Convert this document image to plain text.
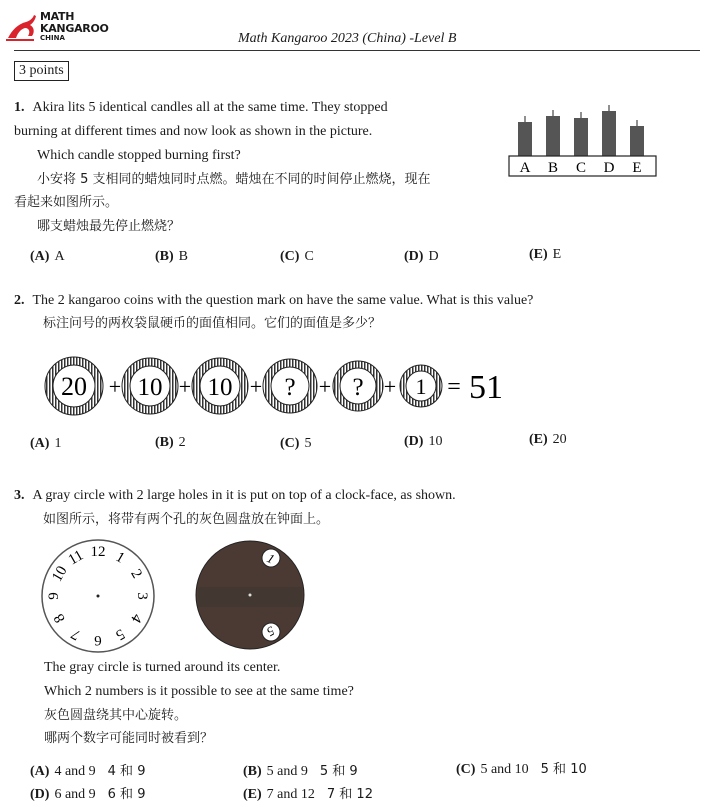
MATH
KANGAROO
CHINA	Math Kangaroo 2023 (China) -Level B
3 points
1. Akira lits 5 identical candles all at the same time. They stopped
burning at different times and now look as shown in the picture.
Which candle stopped burning first?
小安将 5 支相同的蜡烛同时点燃。蜡烛在不同的时间停止燃烧，现在
看起来如图所示。
哪支蜡烛最先停止燃烧？
A B C D E
(A) A	(B) B	(C) C	(D) D	(E) E
2. The 2 kangaroo coins with the question mark on have the same value. What is this value?
标注问号的两枚袋鼠硬币的面值相同。它们的面值是多少？
20 + 10 + 10 + ? + ? + 1 = 51
(A) 1	(B) 2	(C) 5	(D) 10	(E) 20
3. A gray circle with 2 large holes in it is put on top of a clock-face, as shown.
如图所示，将带有两个孔的灰色圆盘放在钟面上。
12 1
2
3
4
5
6
7
8
9
10
11	1
5
The gray circle is turned around its center.
Which 2 numbers is it possible to see at the same time?
灰色圆盘绕其中心旋转。
哪两个数字可能同时被看到？
(A) 4 and 9 4 和 9	(B) 5 and 9 5 和 9	(C) 5 and 10 5 和 10
(D) 6 and 9 6 和 9	(E) 7 and 12 7 和 12
